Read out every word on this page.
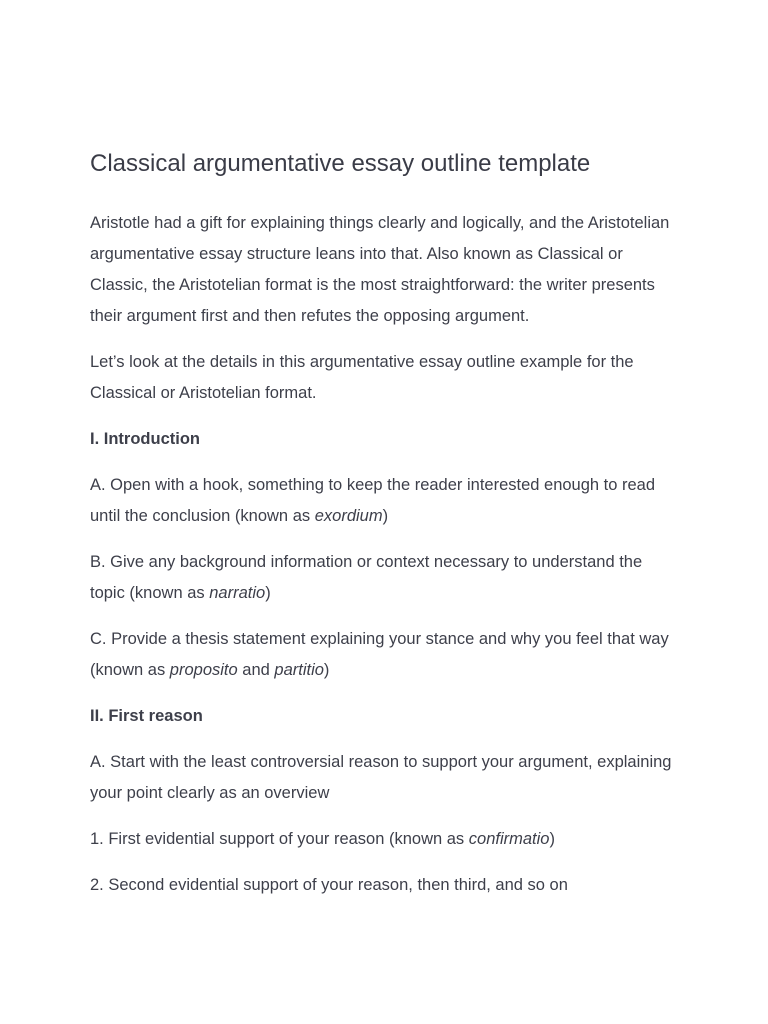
Classical argumentative essay outline template

Aristotle had a gift for explaining things clearly and logically, and the Aristotelian argumentative essay structure leans into that. Also known as Classical or Classic, the Aristotelian format is the most straightforward: the writer presents their argument first and then refutes the opposing argument.

Let’s look at the details in this argumentative essay outline example for the Classical or Aristotelian format.

I. Introduction

A. Open with a hook, something to keep the reader interested enough to read until the conclusion (known as exordium)

B. Give any background information or context necessary to understand the topic (known as narratio)

C. Provide a thesis statement explaining your stance and why you feel that way (known as proposito and partitio)

II. First reason

A. Start with the least controversial reason to support your argument, explaining your point clearly as an overview

1. First evidential support of your reason (known as confirmatio)

2. Second evidential support of your reason, then third, and so on
